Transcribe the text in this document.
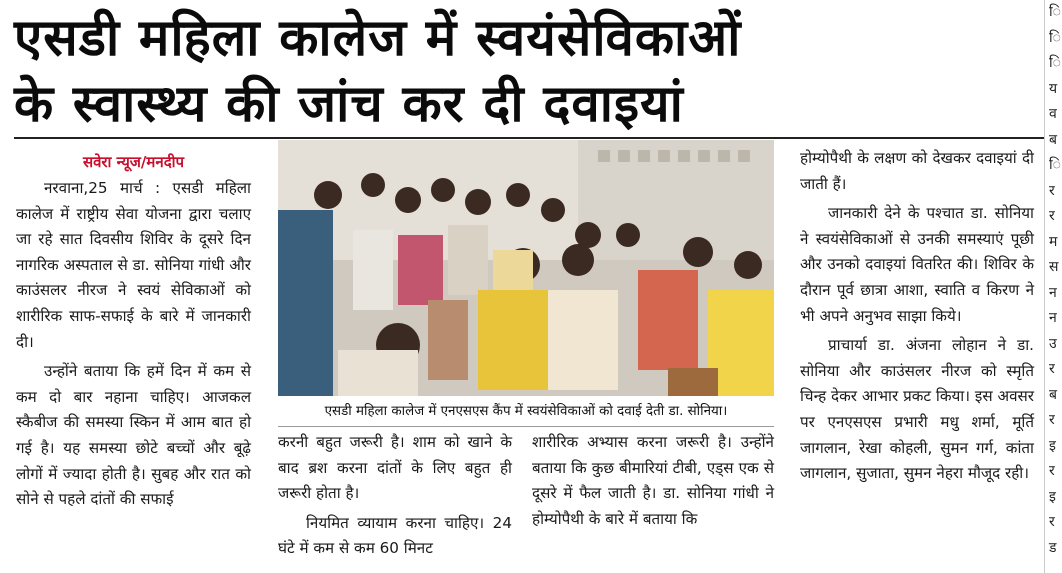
एसडी महिला कालेज में स्वयंसेविकाओं
के स्वास्थ्य की जांच कर दी दवाइयां
सवेरा न्यूज/मनदीप

नरवाना,25 मार्च : एसडी महिला कालेज में राष्ट्रीय सेवा योजना द्वारा चलाए जा रहे सात दिवसीय शिविर के दूसरे दिन नागरिक अस्पताल से डा. सोनिया गांधी और काउंसलर नीरज ने स्वयं सेविकाओं को शारीरिक साफ-सफाई के बारे में जानकारी दी।

उन्होंने बताया कि हमें दिन में कम से कम दो बार नहाना चाहिए। आजकल स्कैबीज की समस्या स्किन में आम बात हो गई है। यह समस्या छोटे बच्चों और बूढ़े लोगों में ज्यादा होती है। सुबह और रात को सोने से पहले दांतों की सफाई

एसडी महिला कालेज में एनएसएस कैंप में स्वयंसेविकाओं को दवाई देती डा. सोनिया।

करनी बहुत जरूरी है। शाम को खाने के बाद ब्रश करना दांतों के लिए बहुत ही जरूरी होता है।

नियमित व्यायाम करना चाहिए। 24 घंटे में कम से कम 60 मिनट

शारीरिक अभ्यास करना जरूरी है। उन्होंने बताया कि कुछ बीमारियां टीबी, एड्स एक से दूसरे में फैल जाती है। डा. सोनिया गांधी ने होम्योपैथी के बारे में बताया कि

होम्योपैथी के लक्षण को देखकर दवाइयां दी जाती हैं।

जानकारी देने के पश्चात डा. सोनिया ने स्वयंसेविकाओं से उनकी समस्याएं पूछी और उनको दवाइयां वितरित की। शिविर के दौरान पूर्व छात्रा आशा, स्वाति व किरण ने भी अपने अनुभव साझा किये।

प्राचार्या डा. अंजना लोहान ने डा. सोनिया और काउंसलर नीरज को स्मृति चिन्ह देकर आभार प्रकट किया। इस अवसर पर एनएसएस प्रभारी मधु शर्मा, मूर्ति जागलान, रेखा कोहली, सुमन गर्ग, कांता जागलान, सुजाता, सुमन नेहरा मौजूद रही।

ि
ि
ि
य
व
ब
ि
र
र
म
स
न
न
उ
र
ब
र
इ
र
इ
र
ड
